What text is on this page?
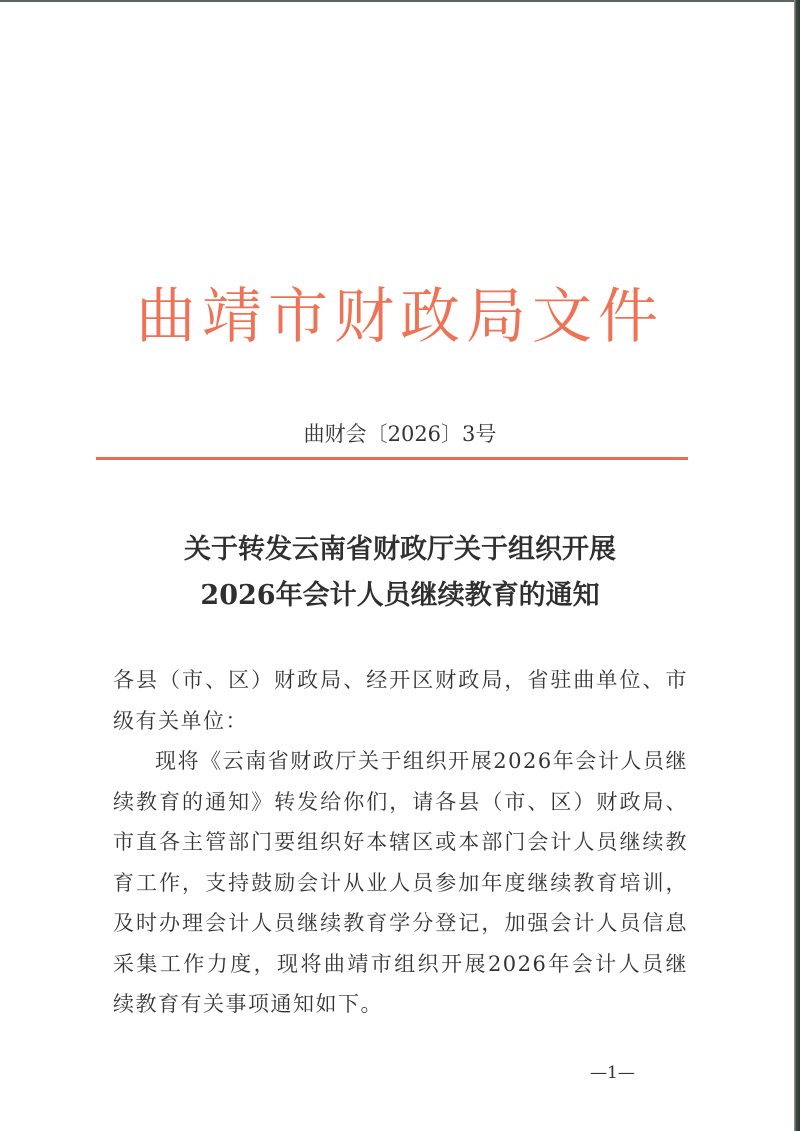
曲靖市财政局文件
曲财会〔2026〕3号
关于转发云南省财政厅关于组织开展
2026年会计人员继续教育的通知

各县（市、区）财政局、经开区财政局，省驻曲单位、市级有关单位：

现将《云南省财政厅关于组织开展2026年会计人员继续教育的通知》转发给你们，请各县（市、区）财政局、市直各主管部门要组织好本辖区或本部门会计人员继续教育工作，支持鼓励会计从业人员参加年度继续教育培训，及时办理会计人员继续教育学分登记，加强会计人员信息采集工作力度，现将曲靖市组织开展2026年会计人员继续教育有关事项通知如下。

—1—
